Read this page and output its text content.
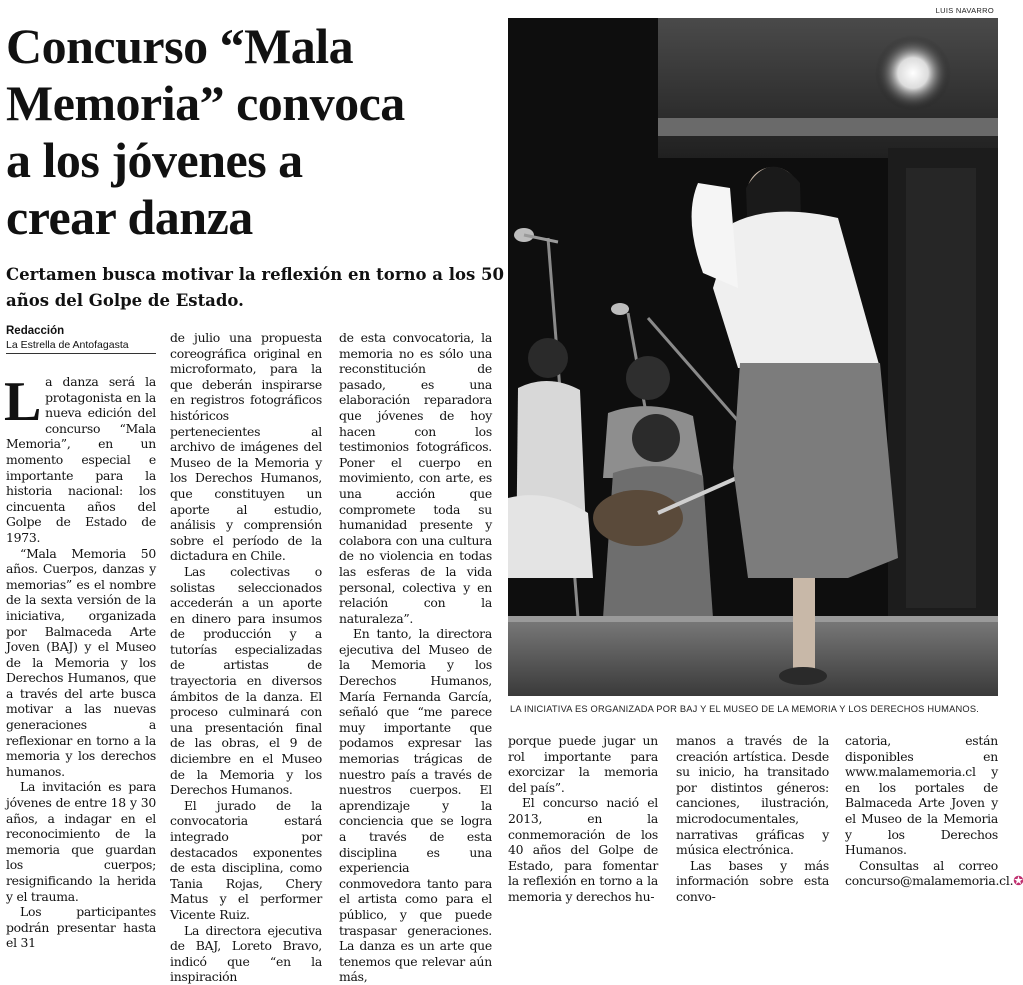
LUIS NAVARRO
Concurso “Mala
Memoria” convoca
a los jóvenes a
crear danza
Certamen busca motivar la reflexión en torno a los 50
años del Golpe de Estado.
Redacción
La Estrella de Antofagasta

La danza será la protagonista en la nueva edición del concurso “Mala Memoria”, en un momento especial e importante para la historia nacional: los cincuenta años del Golpe de Estado de 1973.

“Mala Memoria 50 años. Cuerpos, danzas y memorias” es el nombre de la sexta versión de la iniciativa, organizada por Balmaceda Arte Joven (BAJ) y el Museo de la Memoria y los Derechos Humanos, que a través del arte busca motivar a las nuevas generaciones a reflexionar en torno a la memoria y los derechos humanos.

La invitación es para jóvenes de entre 18 y 30 años, a indagar en el reconocimiento de la memoria que guardan los cuerpos; resignificando la herida y el trauma.

Los participantes podrán presentar hasta el 31

de julio una propuesta coreográfica original en microformato, para la que deberán inspirarse en registros fotográficos históricos pertenecientes al archivo de imágenes del Museo de la Memoria y los Derechos Humanos, que constituyen un aporte al estudio, análisis y comprensión sobre el período de la dictadura en Chile.

Las colectivas o solistas seleccionados accederán a un aporte en dinero para insumos de producción y a tutorías especializadas de artistas de trayectoria en diversos ámbitos de la danza. El proceso culminará con una presentación final de las obras, el 9 de diciembre en el Museo de la Memoria y los Derechos Humanos.

El jurado de la convocatoria estará integrado por destacados exponentes de esta disciplina, como Tania Rojas, Chery Matus y el performer Vicente Ruiz.

La directora ejecutiva de BAJ, Loreto Bravo, indicó que “en la inspiración

de esta convocatoria, la memoria no es sólo una reconstitución de pasado, es una elaboración reparadora que jóvenes de hoy hacen con los testimonios fotográficos. Poner el cuerpo en movimiento, con arte, es una acción que compromete toda su humanidad presente y colabora con una cultura de no violencia en todas las esferas de la vida personal, colectiva y en relación con la naturaleza”.

En tanto, la directora ejecutiva del Museo de la Memoria y los Derechos Humanos, María Fernanda García, señaló que “me parece muy importante que podamos expresar las memorias trágicas de nuestro país a través de nuestros cuerpos. El aprendizaje y la conciencia que se logra a través de esta disciplina es una experiencia conmovedora tanto para el artista como para el público, y que puede traspasar generaciones. La danza es un arte que tenemos que relevar aún más,

LA INICIATIVA ES ORGANIZADA POR BAJ Y EL MUSEO DE LA MEMORIA Y LOS DERECHOS HUMANOS.

porque puede jugar un rol importante para exorcizar la memoria del país”.

El concurso nació el 2013, en la conmemoración de los 40 años del Golpe de Estado, para fomentar la reflexión en torno a la memoria y derechos hu-

manos a través de la creación artística. Desde su inicio, ha transitado por distintos géneros: canciones, ilustración, microdocumentales, narrativas gráficas y música electrónica.

Las bases y más información sobre esta convo-

catoria, están disponibles en www.malamemoria.cl y en los portales de Balmaceda Arte Joven y el Museo de la Memoria y los Derechos Humanos.

Consultas al correo concurso@malamemoria.cl.✪
